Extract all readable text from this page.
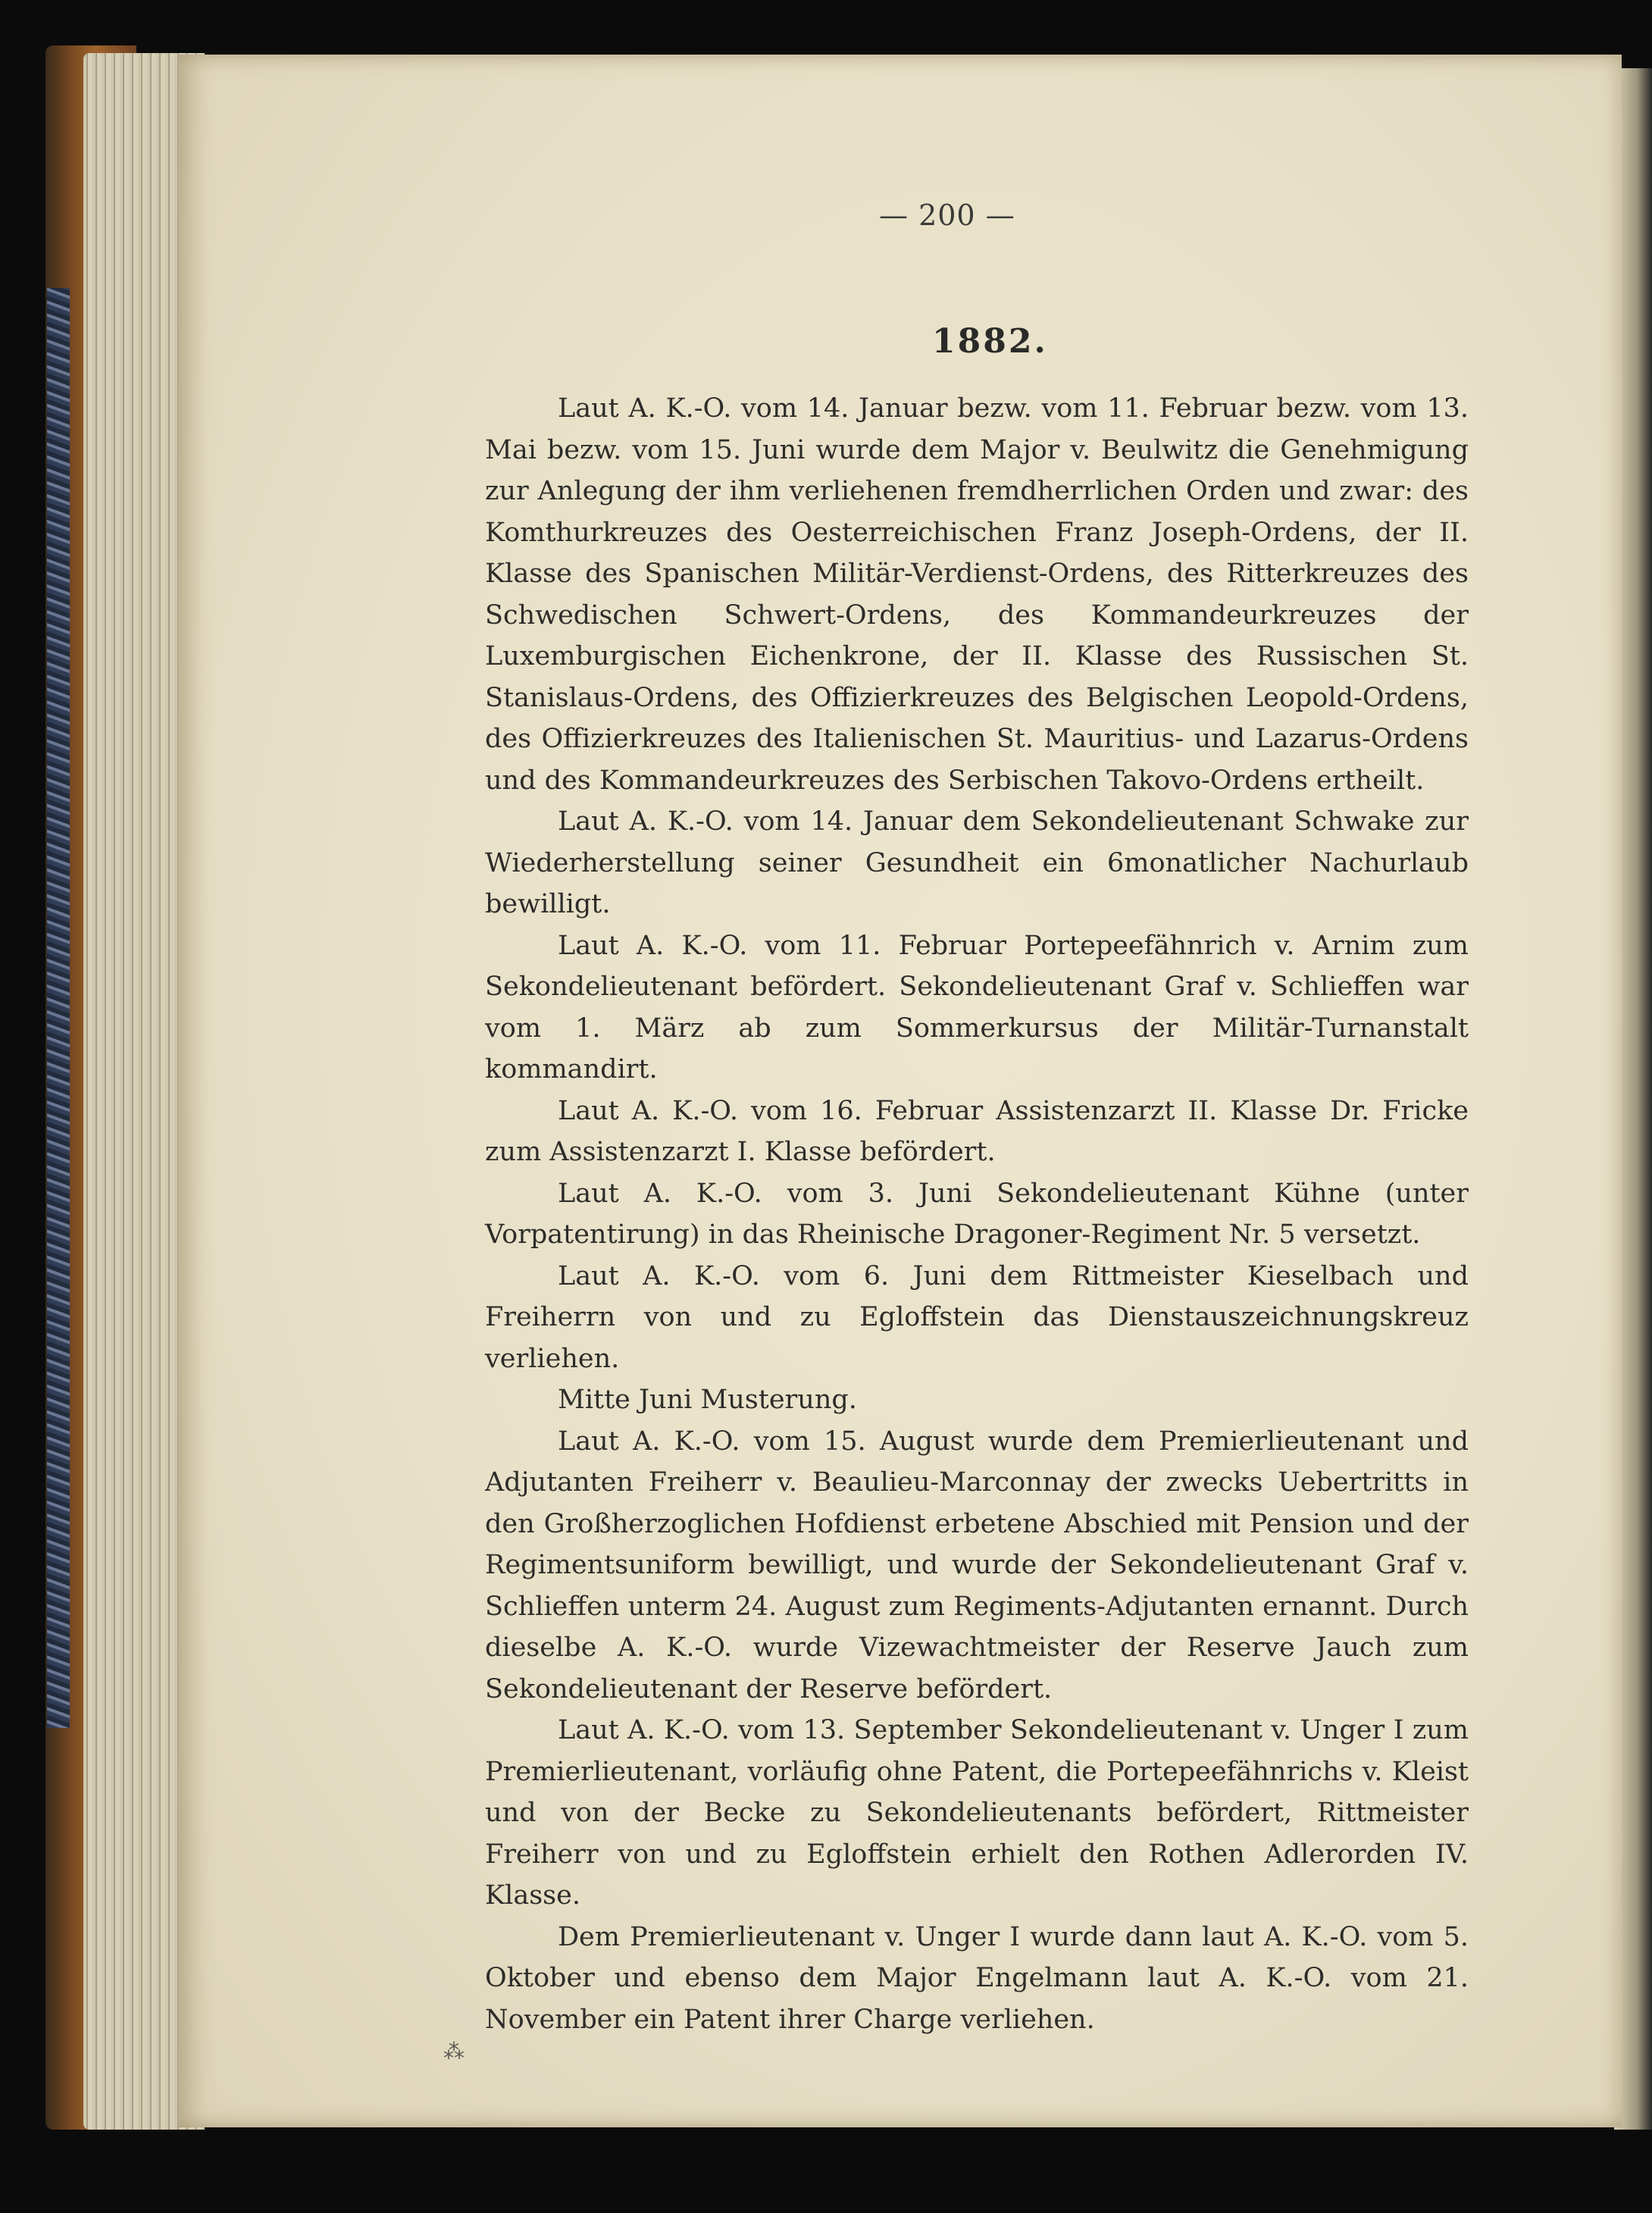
— 200 —
1882.

Laut A. K.-O. vom 14. Januar bezw. vom 11. Februar bezw. vom 13. Mai bezw. vom 15. Juni wurde dem Major v. Beulwitz die Genehmigung zur Anlegung der ihm verliehenen fremdherrlichen Orden und zwar: des Komthurkreuzes des Oesterreichischen Franz Joseph-Ordens, der II. Klasse des Spanischen Militär-Verdienst-Ordens, des Ritterkreuzes des Schwedischen Schwert-Ordens, des Kommandeurkreuzes der Luxemburgischen Eichenkrone, der II. Klasse des Russischen St. Stanislaus-Ordens, des Offizierkreuzes des Belgischen Leopold-Ordens, des Offizierkreuzes des Italienischen St. Mauritius- und Lazarus-Ordens und des Kommandeurkreuzes des Serbischen Takovo-Ordens ertheilt.

Laut A. K.-O. vom 14. Januar dem Sekondelieutenant Schwake zur Wiederherstellung seiner Gesundheit ein 6monatlicher Nachurlaub bewilligt.

Laut A. K.-O. vom 11. Februar Portepeefähnrich v. Arnim zum Sekondelieutenant befördert. Sekondelieutenant Graf v. Schlieffen war vom 1. März ab zum Sommerkursus der Militär-Turnanstalt kommandirt.

Laut A. K.-O. vom 16. Februar Assistenzarzt II. Klasse Dr. Fricke zum Assistenzarzt I. Klasse befördert.

Laut A. K.-O. vom 3. Juni Sekondelieutenant Kühne (unter Vorpatentirung) in das Rheinische Dragoner-Regiment Nr. 5 versetzt.

Laut A. K.-O. vom 6. Juni dem Rittmeister Kieselbach und Freiherrn von und zu Egloffstein das Dienstauszeichnungskreuz verliehen.

Mitte Juni Musterung.

Laut A. K.-O. vom 15. August wurde dem Premierlieutenant und Adjutanten Freiherr v. Beaulieu-Marconnay der zwecks Uebertritts in den Großherzoglichen Hofdienst erbetene Abschied mit Pension und der Regimentsuniform bewilligt, und wurde der Sekondelieutenant Graf v. Schlieffen unterm 24. August zum Regiments-Adjutanten ernannt. Durch dieselbe A. K.-O. wurde Vizewachtmeister der Reserve Jauch zum Sekondelieutenant der Reserve befördert.

Laut A. K.-O. vom 13. September Sekondelieutenant v. Unger I zum Premierlieutenant, vorläufig ohne Patent, die Portepeefähnrichs v. Kleist und von der Becke zu Sekondelieutenants befördert, Rittmeister Freiherr von und zu Egloffstein erhielt den Rothen Adlerorden IV. Klasse.

Dem Premierlieutenant v. Unger I wurde dann laut A. K.-O. vom 5. Oktober und ebenso dem Major Engelmann laut A. K.-O. vom 21. November ein Patent ihrer Charge verliehen.

⁂
